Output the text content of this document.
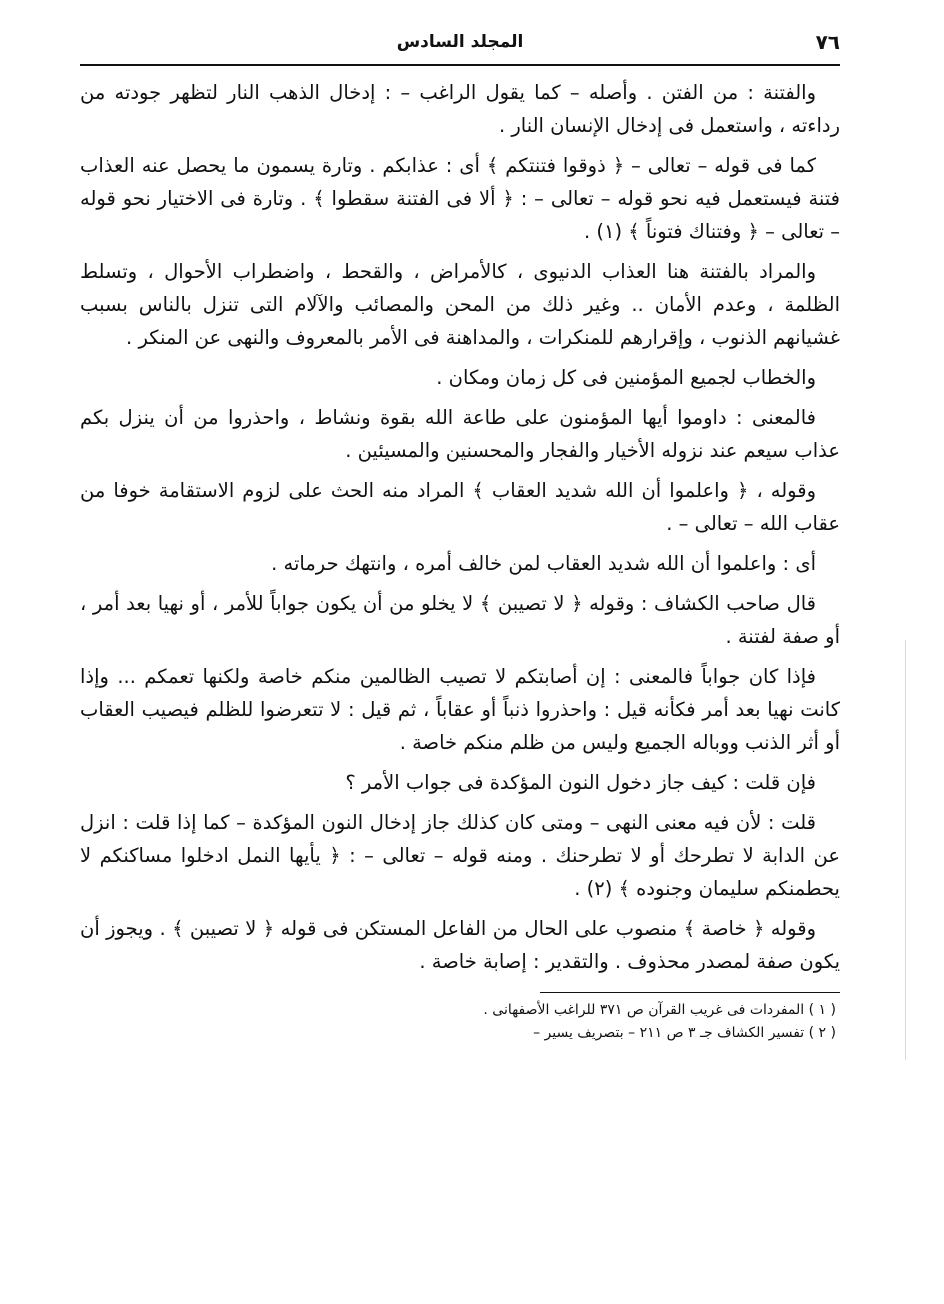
٧٦
المجلد السادس

والفتنة : من الفتن . وأصله – كما يقول الراغب – : إدخال الذهب النار لتظهر جودته من رداءته ، واستعمل فى إدخال الإنسان النار .

كما فى قوله – تعالى – ﴿ ذوقوا فتنتكم ﴾ أى : عذابكم . وتارة يسمون ما يحصل عنه العذاب فتنة فيستعمل فيه نحو قوله – تعالى – : ﴿ ألا فى الفتنة سقطوا ﴾ . وتارة فى الاختيار نحو قوله – تعالى – ﴿ وفتناك فتوناً ﴾ (١) .

والمراد بالفتنة هنا العذاب الدنيوى ، كالأمراض ، والقحط ، واضطراب الأحوال ، وتسلط الظلمة ، وعدم الأمان .. وغير ذلك من المحن والمصائب والآلام التى تنزل بالناس بسبب غشيانهم الذنوب ، وإقرارهم للمنكرات ، والمداهنة فى الأمر بالمعروف والنهى عن المنكر .

والخطاب لجميع المؤمنين فى كل زمان ومكان .

فالمعنى : داوموا أيها المؤمنون على طاعة الله بقوة ونشاط ، واحذروا من أن ينزل بكم عذاب سيعم عند نزوله الأخيار والفجار والمحسنين والمسيئين .

وقوله ، ﴿ واعلموا أن الله شديد العقاب ﴾ المراد منه الحث على لزوم الاستقامة خوفا من عقاب الله – تعالى – .

أى : واعلموا أن الله شديد العقاب لمن خالف أمره ، وانتهك حرماته .

قال صاحب الكشاف : وقوله ﴿ لا تصيبن ﴾ لا يخلو من أن يكون جواباً للأمر ، أو نهيا بعد أمر ، أو صفة لفتنة .

فإذا كان جواباً فالمعنى : إن أصابتكم لا تصيب الظالمين منكم خاصة ولكنها تعمكم ... وإذا كانت نهيا بعد أمر فكأنه قيل : واحذروا ذنباً أو عقاباً ، ثم قيل : لا تتعرضوا للظلم فيصيب العقاب أو أثر الذنب ووباله الجميع وليس من ظلم منكم خاصة .

فإن قلت : كيف جاز دخول النون المؤكدة فى جواب الأمر ؟

قلت : لأن فيه معنى النهى – ومتى كان كذلك جاز إدخال النون المؤكدة – كما إذا قلت : انزل عن الدابة لا تطرحك أو لا تطرحنك . ومنه قوله – تعالى – : ﴿ يأيها النمل ادخلوا مساكنكم لا يحطمنكم سليمان وجنوده ﴾ (٢) .

وقوله ﴿ خاصة ﴾ منصوب على الحال من الفاعل المستكن فى قوله ﴿ لا تصيبن ﴾ . ويجوز أن يكون صفة لمصدر محذوف . والتقدير : إصابة خاصة .

( ١ ) المفردات فى غريب القرآن ص ٣٧١ للراغب الأصفهانى .
( ٢ ) تفسير الكشاف جـ ٣ ص ٢١١ – بتصريف يسير –
